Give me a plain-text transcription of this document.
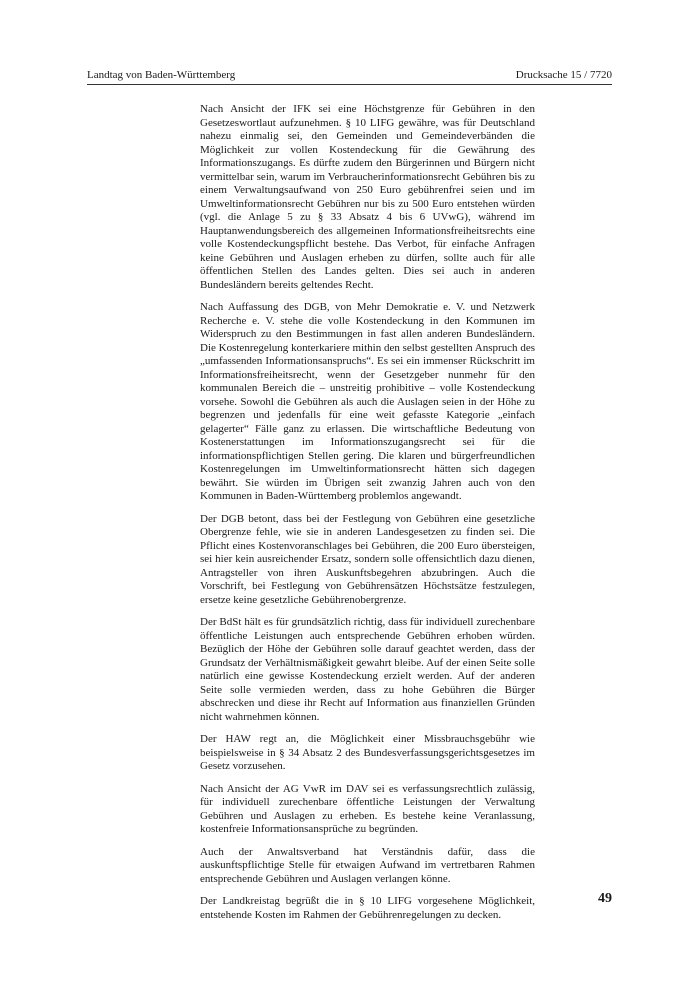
Landtag von Baden-Württemberg	Drucksache 15 / 7720

Nach Ansicht der IFK sei eine Höchstgrenze für Gebühren in den Gesetzeswortlaut aufzunehmen. § 10 LIFG gewähre, was für Deutschland nahezu einmalig sei, den Gemeinden und Gemeindeverbänden die Möglichkeit zur vollen Kostendeckung für die Gewährung des Informationszugangs. Es dürfte zudem den Bürgerinnen und Bürgern nicht vermittelbar sein, warum im Verbraucherinformationsrecht Gebühren bis zu einem Verwaltungsaufwand von 250 Euro gebührenfrei seien und im Umweltinformationsrecht Gebühren nur bis zu 500 Euro entstehen würden (vgl. die Anlage 5 zu § 33 Absatz 4 bis 6 UVwG), während im Hauptanwendungsbereich des allgemeinen Informationsfreiheitsrechts eine volle Kostendeckungspflicht bestehe. Das Verbot, für einfache Anfragen keine Gebühren und Auslagen erheben zu dürfen, sollte auch für alle öffentlichen Stellen des Landes gelten. Dies sei auch in anderen Bundesländern bereits geltendes Recht.

Nach Auffassung des DGB, von Mehr Demokratie e. V. und Netzwerk Recherche e. V. stehe die volle Kostendeckung in den Kommunen im Widerspruch zu den Bestimmungen in fast allen anderen Bundesländern. Die Kostenregelung konterkariere mithin den selbst gestellten Anspruch des „umfassenden Informationsanspruchs“. Es sei ein immenser Rückschritt im Informationsfreiheitsrecht, wenn der Gesetzgeber nunmehr für den kommunalen Bereich die – unstreitig prohibitive – volle Kostendeckung vorsehe. Sowohl die Gebühren als auch die Auslagen seien in der Höhe zu begrenzen und jedenfalls für eine weit gefasste Kategorie „einfach gelagerter“ Fälle ganz zu erlassen. Die wirtschaftliche Bedeutung von Kostenerstattungen im Informationszugangsrecht sei für die informationspflichtigen Stellen gering. Die klaren und bürgerfreundlichen Kostenregelungen im Umweltinformationsrecht hätten sich dagegen bewährt. Sie würden im Übrigen seit zwanzig Jahren auch von den Kommunen in Baden-Württemberg problemlos angewandt.

Der DGB betont, dass bei der Festlegung von Gebühren eine gesetzliche Obergrenze fehle, wie sie in anderen Landesgesetzen zu finden sei. Die Pflicht eines Kostenvoranschlages bei Gebühren, die 200 Euro übersteigen, sei hier kein ausreichender Ersatz, sondern solle offensichtlich dazu dienen, Antragsteller von ihren Auskunftsbegehren abzubringen. Auch die Vorschrift, bei Festlegung von Gebührensätzen Höchstsätze festzulegen, ersetze keine gesetzliche Gebührenobergrenze.

Der BdSt hält es für grundsätzlich richtig, dass für individuell zurechenbare öffentliche Leistungen auch entsprechende Gebühren erhoben würden. Bezüglich der Höhe der Gebühren solle darauf geachtet werden, dass der Grundsatz der Verhältnismäßigkeit gewahrt bleibe. Auf der einen Seite solle natürlich eine gewisse Kostendeckung erzielt werden. Auf der anderen Seite solle vermieden werden, dass zu hohe Gebühren die Bürger abschrecken und diese ihr Recht auf Information aus finanziellen Gründen nicht wahrnehmen können.

Der HAW regt an, die Möglichkeit einer Missbrauchsgebühr wie beispielsweise in § 34 Absatz 2 des Bundesverfassungsgerichtsgesetzes im Gesetz vorzusehen.

Nach Ansicht der AG VwR im DAV sei es verfassungsrechtlich zulässig, für individuell zurechenbare öffentliche Leistungen der Verwaltung Gebühren und Auslagen zu erheben. Es bestehe keine Veranlassung, kostenfreie Informationsansprüche zu begründen.

Auch der Anwaltsverband hat Verständnis dafür, dass die auskunftspflichtige Stelle für etwaigen Aufwand im vertretbaren Rahmen entsprechende Gebühren und Auslagen verlangen könne.

Der Landkreistag begrüßt die in § 10 LIFG vorgesehene Möglichkeit, entstehende Kosten im Rahmen der Gebührenregelungen zu decken.

49
